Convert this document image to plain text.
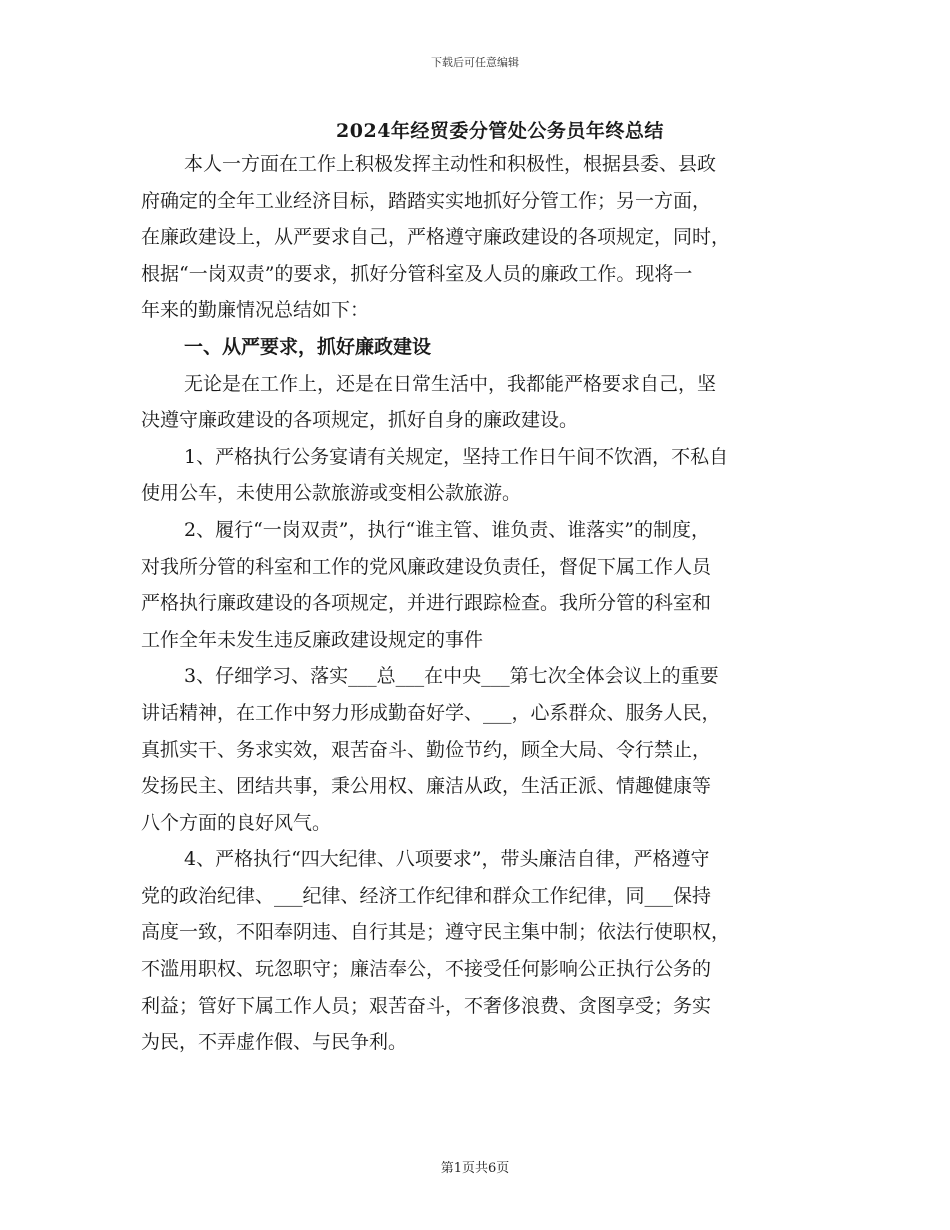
下载后可任意编辑
2024年经贸委分管处公务员年终总结
本人一方面在工作上积极发挥主动性和积极性，根据县委、县政
府确定的全年工业经济目标，踏踏实实地抓好分管工作；另一方面，
在廉政建设上，从严要求自己，严格遵守廉政建设的各项规定，同时，
根据“一岗双责”的要求，抓好分管科室及人员的廉政工作。现将一
年来的勤廉情况总结如下：
一、从严要求，抓好廉政建设
无论是在工作上，还是在日常生活中，我都能严格要求自己，坚
决遵守廉政建设的各项规定，抓好自身的廉政建设。
1、严格执行公务宴请有关规定，坚持工作日午间不饮酒，不私自
使用公车，未使用公款旅游或变相公款旅游。
2、履行“一岗双责”，执行“谁主管、谁负责、谁落实”的制度，
对我所分管的科室和工作的党风廉政建设负责任，督促下属工作人员
严格执行廉政建设的各项规定，并进行跟踪检查。我所分管的科室和
工作全年未发生违反廉政建设规定的事件
3、仔细学习、落实___总___在中央___第七次全体会议上的重要
讲话精神，在工作中努力形成勤奋好学、___，心系群众、服务人民，
真抓实干、务求实效，艰苦奋斗、勤俭节约，顾全大局、令行禁止，
发扬民主、团结共事，秉公用权、廉洁从政，生活正派、情趣健康等
八个方面的良好风气。
4、严格执行“四大纪律、八项要求”，带头廉洁自律，严格遵守
党的政治纪律、___纪律、经济工作纪律和群众工作纪律，同___保持
高度一致，不阳奉阴违、自行其是；遵守民主集中制；依法行使职权，
不滥用职权、玩忽职守；廉洁奉公，不接受任何影响公正执行公务的
利益；管好下属工作人员；艰苦奋斗，不奢侈浪费、贪图享受；务实
为民，不弄虚作假、与民争利。
第1页共6页
